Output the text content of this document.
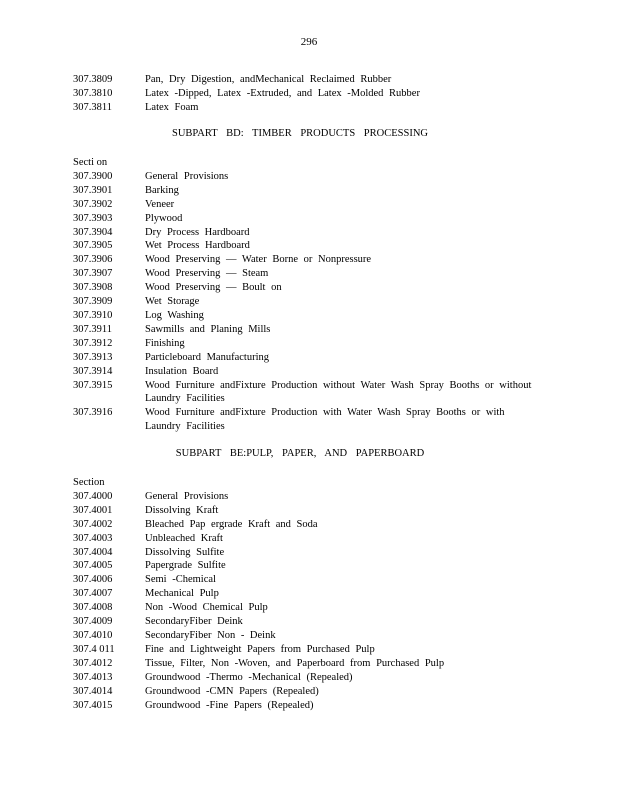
296
307.3809	Pan, Dry Digestion, andMechanical Reclaimed Rubber
307.3810	Latex -Dipped, Latex -Extruded, and Latex -Molded Rubber
307.3811	Latex Foam
SUBPART BD: TIMBER PRODUCTS PROCESSING
Secti on
307.3900	General Provisions
307.3901	Barking
307.3902	Veneer
307.3903	Plywood
307.3904	Dry Process Hardboard
307.3905	Wet Process Hardboard
307.3906	Wood Preserving — Water Borne or Nonpressure
307.3907	Wood Preserving — Steam
307.3908	Wood Preserving — Boult on
307.3909	Wet Storage
307.3910	Log Washing
307.3911	Sawmills and Planing Mills
307.3912	Finishing
307.3913	Particleboard Manufacturing
307.3914	Insulation Board
307.3915	Wood Furniture andFixture Production without Water Wash Spray Booths or without Laundry Facilities
307.3916	Wood Furniture andFixture Production with Water Wash Spray Booths or with Laundry Facilities
SUBPART BE:PULP, PAPER, AND PAPERBOARD
Section
307.4000	General Provisions
307.4001	Dissolving Kraft
307.4002	Bleached Pap ergrade Kraft and Soda
307.4003	Unbleached Kraft
307.4004	Dissolving Sulfite
307.4005	Papergrade Sulfite
307.4006	Semi -Chemical
307.4007	Mechanical Pulp
307.4008	Non -Wood Chemical Pulp
307.4009	SecondaryFiber Deink
307.4010	SecondaryFiber Non - Deink
307.4 011	Fine and Lightweight Papers from Purchased Pulp
307.4012	Tissue, Filter, Non -Woven, and Paperboard from Purchased Pulp
307.4013	Groundwood -Thermo -Mechanical (Repealed)
307.4014	Groundwood -CMN Papers (Repealed)
307.4015	Groundwood -Fine Papers (Repealed)
